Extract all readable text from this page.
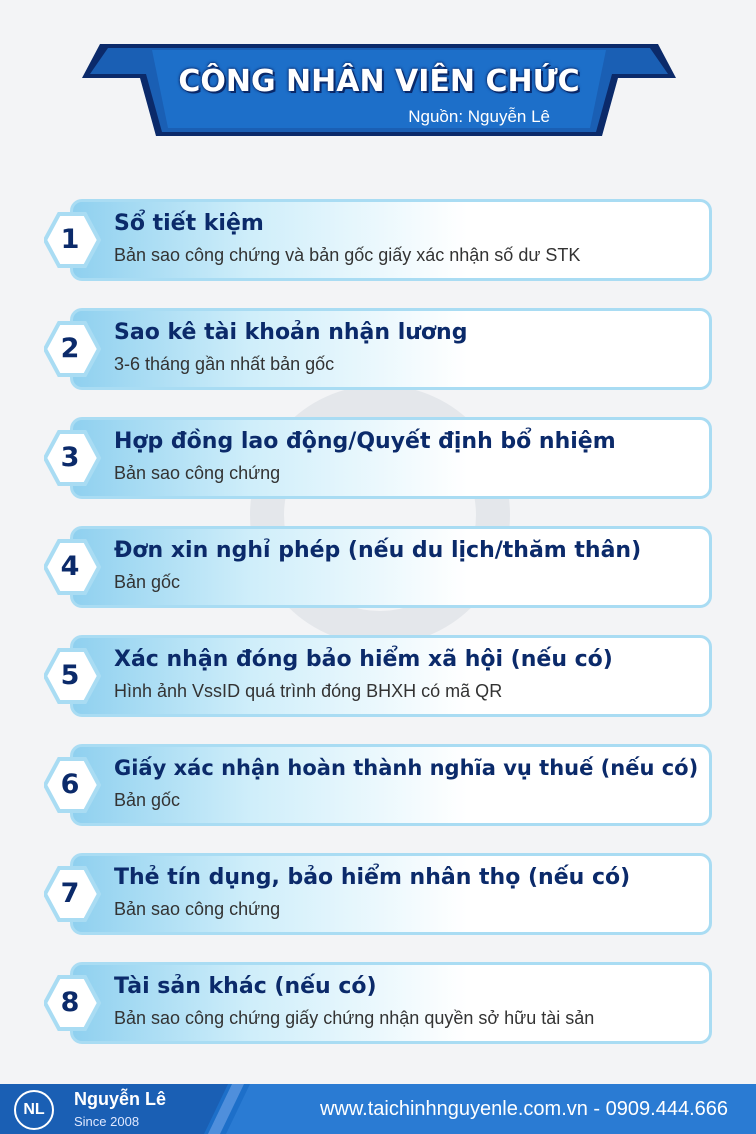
CÔNG NHÂN VIÊN CHỨC
Nguồn: Nguyễn Lê
1
Sổ tiết kiệm
Bản sao công chứng và bản gốc giấy xác nhận số dư STK
2
Sao kê tài khoản nhận lương
3-6 tháng gần nhất bản gốc
3
Hợp đồng lao động/Quyết định bổ nhiệm
Bản sao công chứng
4
Đơn xin nghỉ phép (nếu du lịch/thăm thân)
Bản gốc
5
Xác nhận đóng bảo hiểm xã hội (nếu có)
Hình ảnh VssID quá trình đóng BHXH có mã QR
6
Giấy xác nhận hoàn thành nghĩa vụ thuế (nếu có)
Bản gốc
7
Thẻ tín dụng, bảo hiểm nhân thọ (nếu có)
Bản sao công chứng
8
Tài sản khác (nếu có)
Bản sao công chứng giấy chứng nhận quyền sở hữu tài sản
NL
Nguyễn Lê
Since 2008
www.taichinhnguyenle.com.vn - 0909.444.666
